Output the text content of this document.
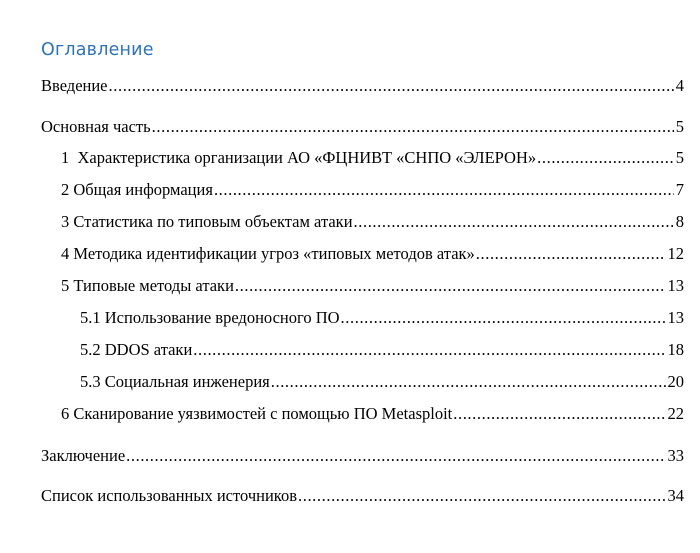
Оглавление
Введение .....	4
Основная часть .....	5
1  Характеристика организации АО «ФЦНИВТ «СНПО «ЭЛЕРОН» .....	5
2 Общая информация .....	7
3 Статистика по типовым объектам атаки .....	8
4 Методика идентификации угроз «типовых методов атак» .....	12
5 Типовые методы атаки .....	13
5.1 Использование вредоносного ПО .....	13
5.2 DDOS атаки .....	18
5.3 Социальная инженерия .....	20
6 Сканирование уязвимостей с помощью ПО Metasploit .....	22
Заключение .....	33
Список использованных источников .....	34
